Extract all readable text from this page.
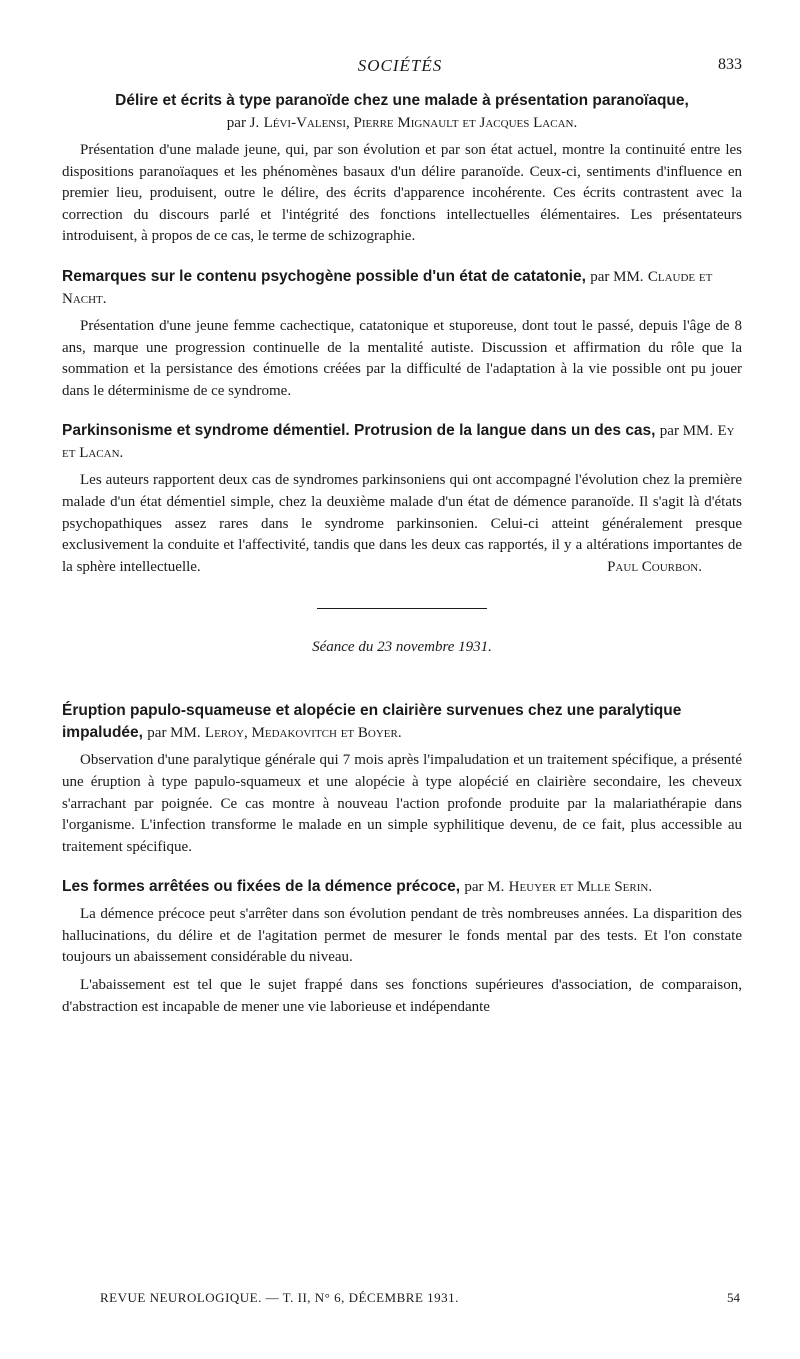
SOCIÉTÉS	833
Délire et écrits à type paranoïde chez une malade à présentation paranoïaque,
par J. Lévi-Valensi, Pierre Mignault et Jacques Lacan.

Présentation d'une malade jeune, qui, par son évolution et par son état actuel, montre la continuité entre les dispositions paranoïaques et les phénomènes basaux d'un délire paranoïde. Ceux-ci, sentiments d'influence en premier lieu, produisent, outre le délire, des écrits d'apparence incohérente. Ces écrits contrastent avec la correction du discours parlé et l'intégrité des fonctions intellectuelles élémentaires. Les présentateurs introduisent, à propos de ce cas, le terme de schizographie.

Remarques sur le contenu psychogène possible d'un état de catatonie, par MM. Claude et Nacht.

Présentation d'une jeune femme cachectique, catatonique et stuporeuse, dont tout le passé, depuis l'âge de 8 ans, marque une progression continuelle de la mentalité autiste. Discussion et affirmation du rôle que la sommation et la persistance des émotions créées par la difficulté de l'adaptation à la vie possible ont pu jouer dans le déterminisme de ce syndrome.

Parkinsonisme et syndrome démentiel. Protrusion de la langue dans un des cas, par MM. Ey et Lacan.

Les auteurs rapportent deux cas de syndromes parkinsoniens qui ont accompagné l'évolution chez la première malade d'un état démentiel simple, chez la deuxième malade d'un état de démence paranoïde. Il s'agit là d'états psychopathiques assez rares dans le syndrome parkinsonien. Celui-ci atteint généralement presque exclusivement la conduite et l'affectivité, tandis que dans les deux cas rapportés, il y a altérations importantes de la sphère intellectuelle.	Paul Courbon.

Séance du 23 novembre 1931.
Éruption papulo-squameuse et alopécie en clairière survenues chez une paralytique impaludée, par MM. Leroy, Medakovitch et Boyer.

Observation d'une paralytique générale qui 7 mois après l'impaludation et un traitement spécifique, a présenté une éruption à type papulo-squameux et une alopécie à type alopécié en clairière secondaire, les cheveux s'arrachant par poignée. Ce cas montre à nouveau l'action profonde produite par la malariathérapie dans l'organisme. L'infection transforme le malade en un simple syphilitique devenu, de ce fait, plus accessible au traitement spécifique.

Les formes arrêtées ou fixées de la démence précoce, par M. Heuyer et Mlle Serin.

La démence précoce peut s'arrêter dans son évolution pendant de très nombreuses années. La disparition des hallucinations, du délire et de l'agitation permet de mesurer le fonds mental par des tests. Et l'on constate toujours un abaissement considérable du niveau.

L'abaissement est tel que le sujet frappé dans ses fonctions supérieures d'association, de comparaison, d'abstraction est incapable de mener une vie laborieuse et indépendante

REVUE NEUROLOGIQUE. — T. II, N° 6, DÉCEMBRE 1931.	54
